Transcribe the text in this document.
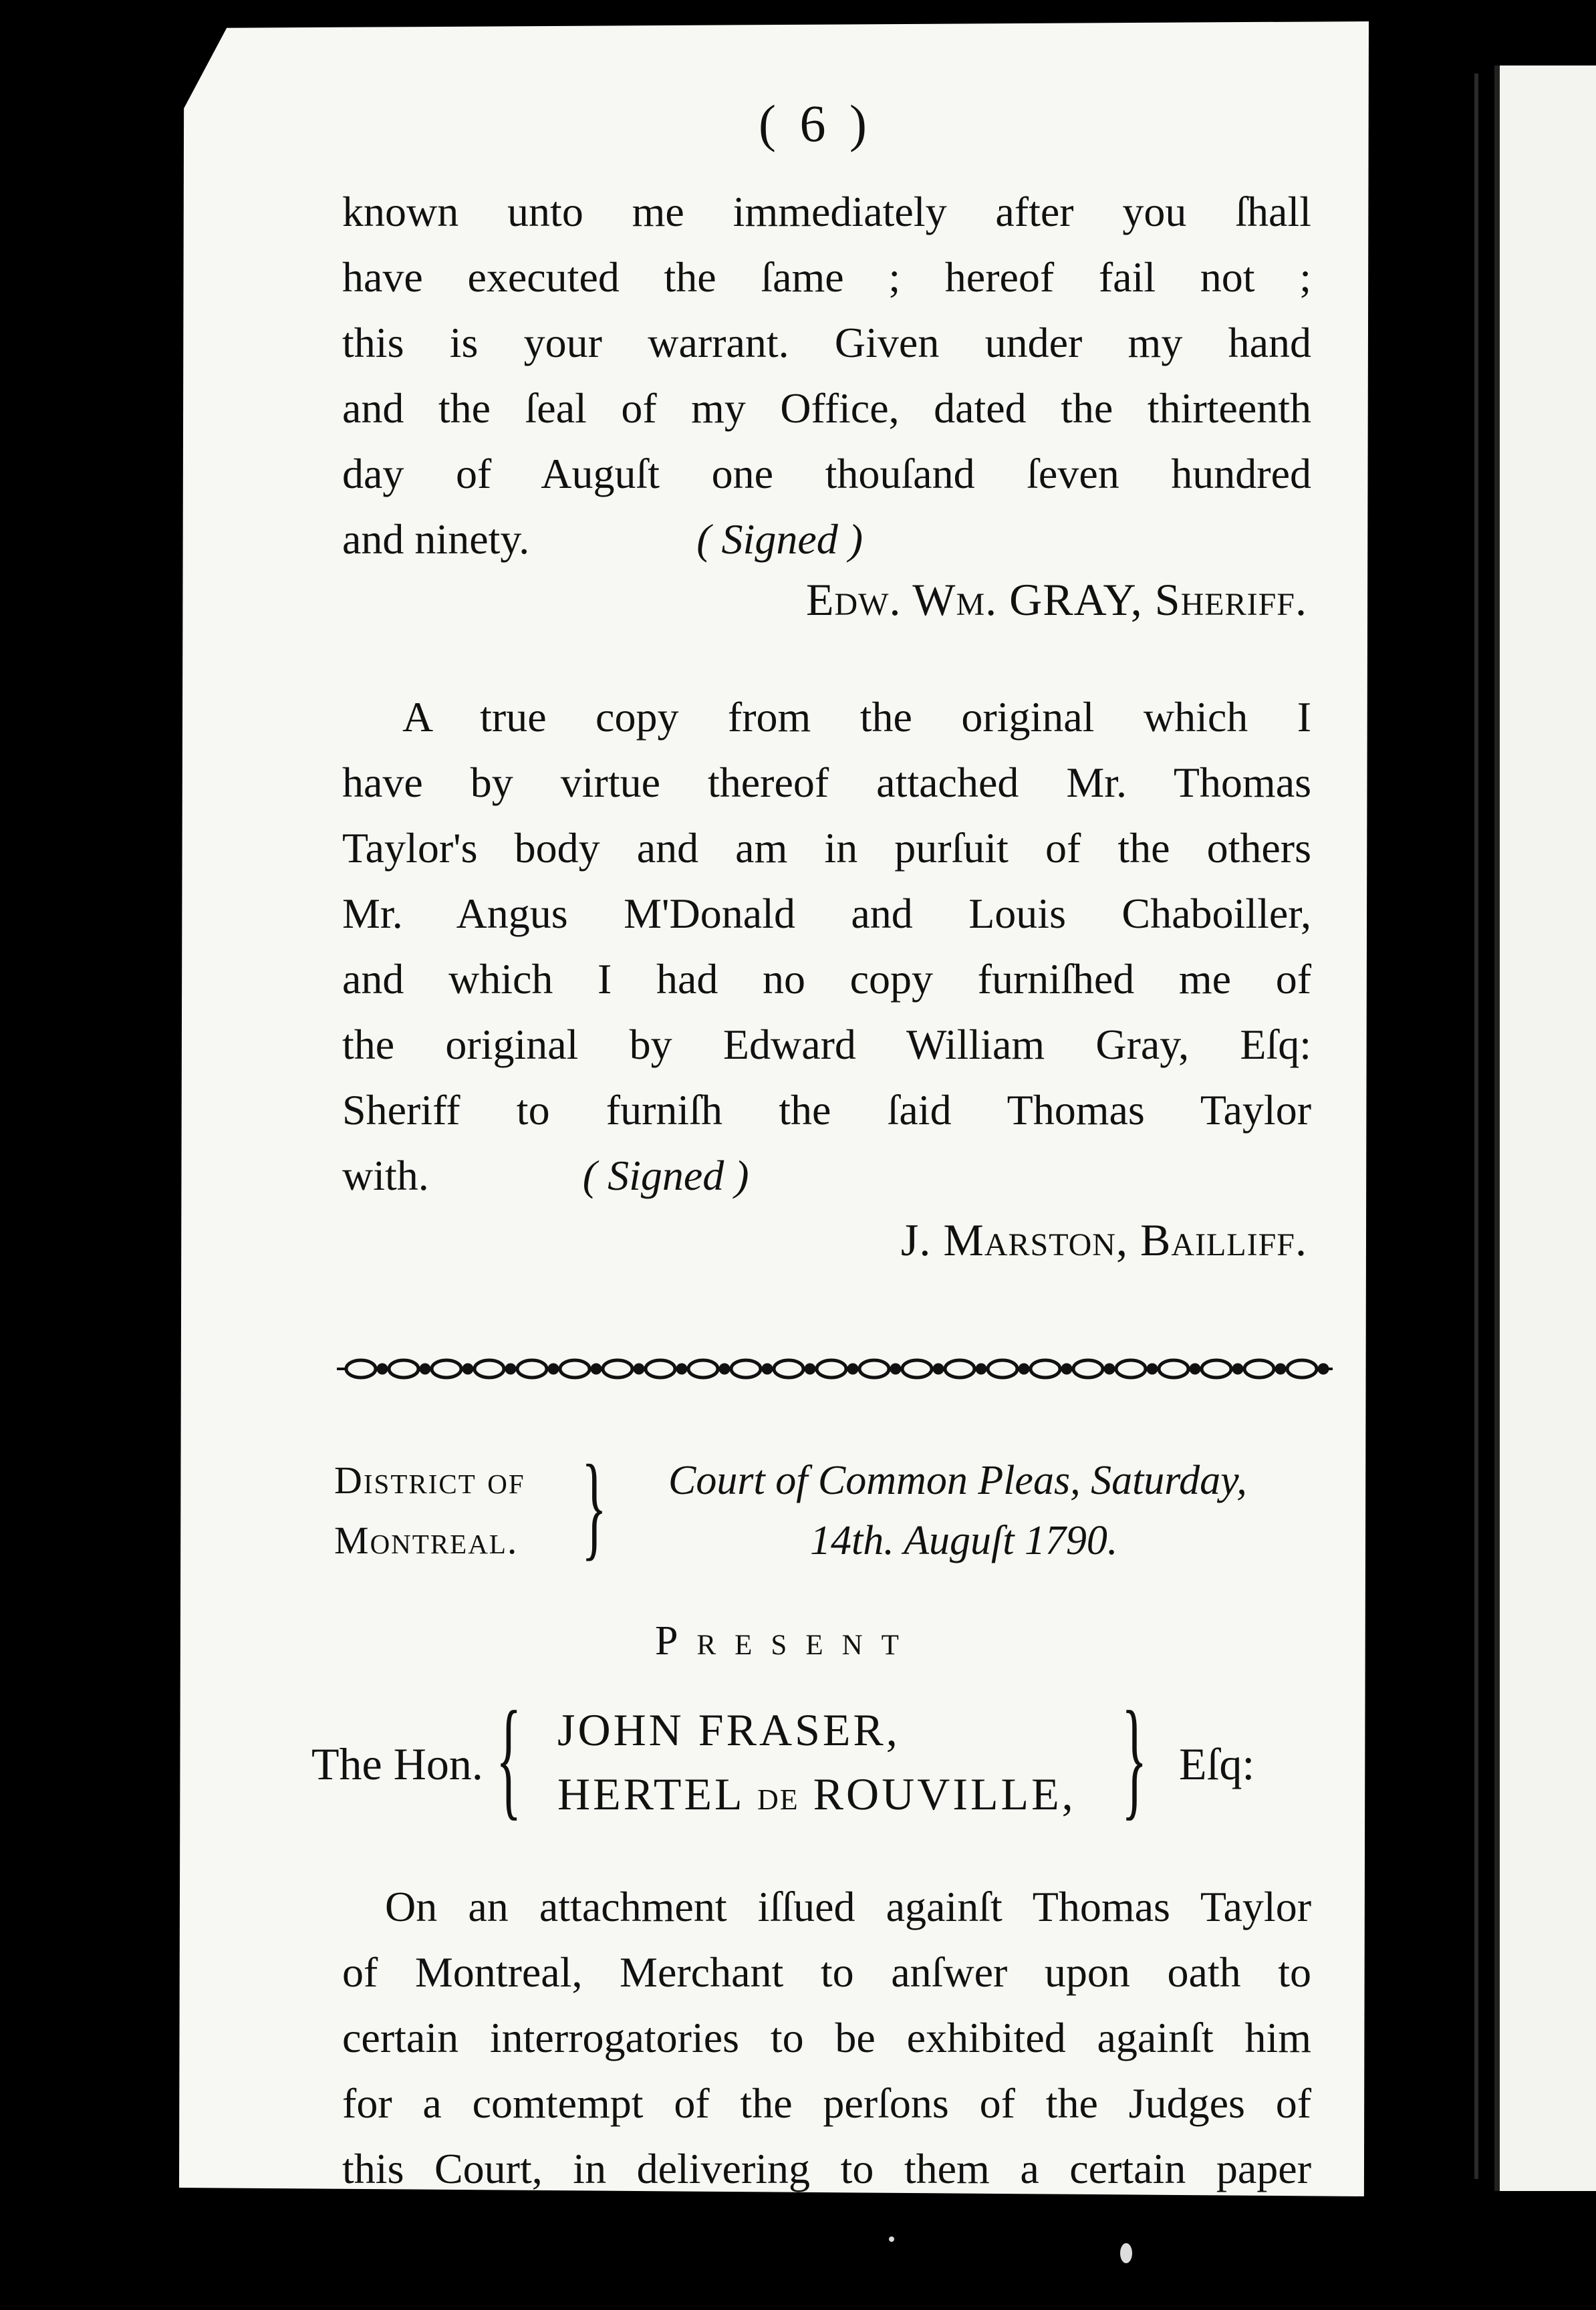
( 6 )
known unto me immediately after you ſhall
have executed the ſame ; hereof fail not ;
this is your warrant. Given under my hand
and the ſeal of my Office, dated the thirteenth
day of Auguſt one thouſand ſeven hundred
and ninety.	( Signed )
Edw. Wm. GRAY, Sheriff.
A true copy from the original which I
have by virtue thereof attached Mr. Thomas
Taylor's body and am in purſuit of the others
Mr. Angus M'Donald and Louis Chaboiller,
and which I had no copy furniſhed me of
the original by Edward William Gray, Eſq:
Sheriff to furniſh the ſaid Thomas Taylor
with.	( Signed )
J. Marston, Bailliff.
District of
Montreal. } Court of Common Pleas, Saturday,
14th. Auguſt 1790.
Present
The Hon. { JOHN FRASER,
HERTEL DE ROUVILLE, } Eſq:
On an attachment iſſued againſt Thomas Taylor
of Montreal, Merchant to anſwer upon oath to
certain interrogatories to be exhibited againſt him
for a comtempt of the perſons of the Judges of
this Court, in delivering to them a certain paper
